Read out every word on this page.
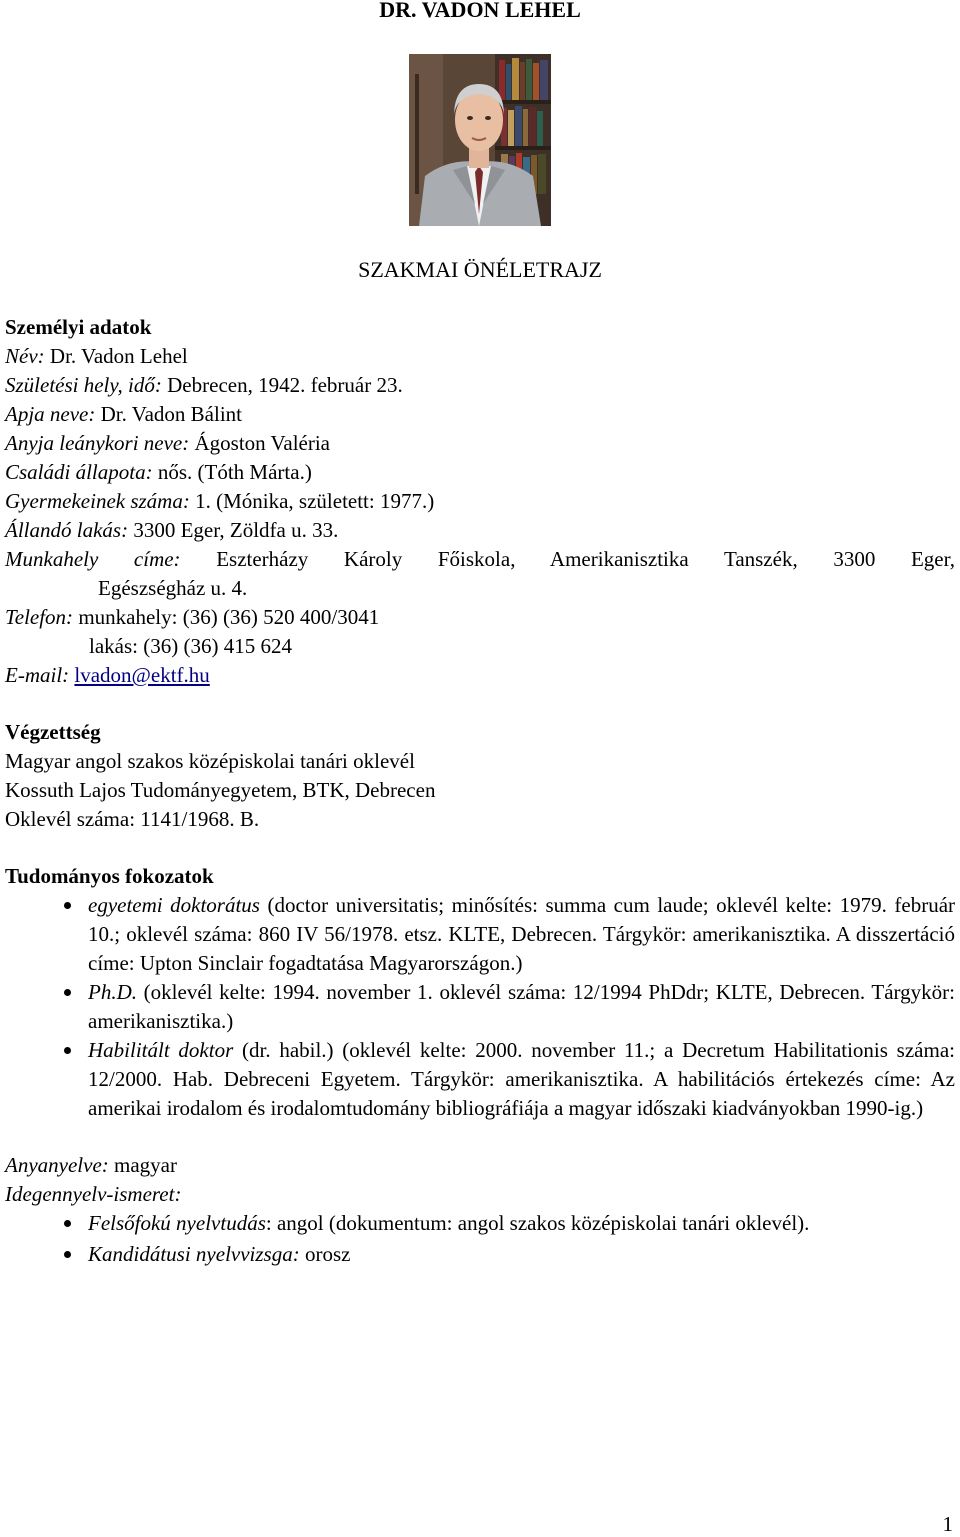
DR. VADON LEHEL
SZAKMAI ÖNÉLETRAJZ
Személyi adatok
Név: Dr. Vadon Lehel
Születési hely, idő: Debrecen, 1942. február 23.
Apja neve: Dr. Vadon Bálint
Anyja leánykori neve: Ágoston Valéria
Családi állapota: nős. (Tóth Márta.)
Gyermekeinek száma: 1. (Mónika, született: 1977.)
Állandó lakás: 3300 Eger, Zöldfa u. 33.
Munkahely címe: Eszterházy Károly Főiskola, Amerikanisztika Tanszék, 3300 Eger,
Egészségház u. 4.
Telefon: munkahely: (36) (36) 520 400/3041
lakás: (36) (36) 415 624
E-mail: lvadon@ektf.hu
Végzettség
Magyar angol szakos középiskolai tanári oklevél
Kossuth Lajos Tudományegyetem, BTK, Debrecen
Oklevél száma: 1141/1968. B.
Tudományos fokozatok
egyetemi doktorátus (doctor universitatis; minősítés: summa cum laude; oklevél kelte: 1979. február 10.; oklevél száma: 860 IV 56/1978. etsz. KLTE, Debrecen. Tárgykör: amerikanisztika. A disszertáció címe: Upton Sinclair fogadtatása Magyarországon.)
Ph.D. (oklevél kelte: 1994. november 1. oklevél száma: 12/1994 PhDdr; KLTE, Debrecen. Tárgykör: amerikanisztika.)
Habilitált doktor (dr. habil.) (oklevél kelte: 2000. november 11.; a Decretum Habilitationis száma: 12/2000. Hab. Debreceni Egyetem. Tárgykör: amerikanisztika. A habilitációs értekezés címe: Az amerikai irodalom és irodalomtudomány bibliográfiája a magyar időszaki kiadványokban 1990-ig.)
Anyanyelve: magyar
Idegennyelv-ismeret:
Felsőfokú nyelvtudás: angol (dokumentum: angol szakos középiskolai tanári oklevél).
Kandidátusi nyelvvizsga: orosz
1
